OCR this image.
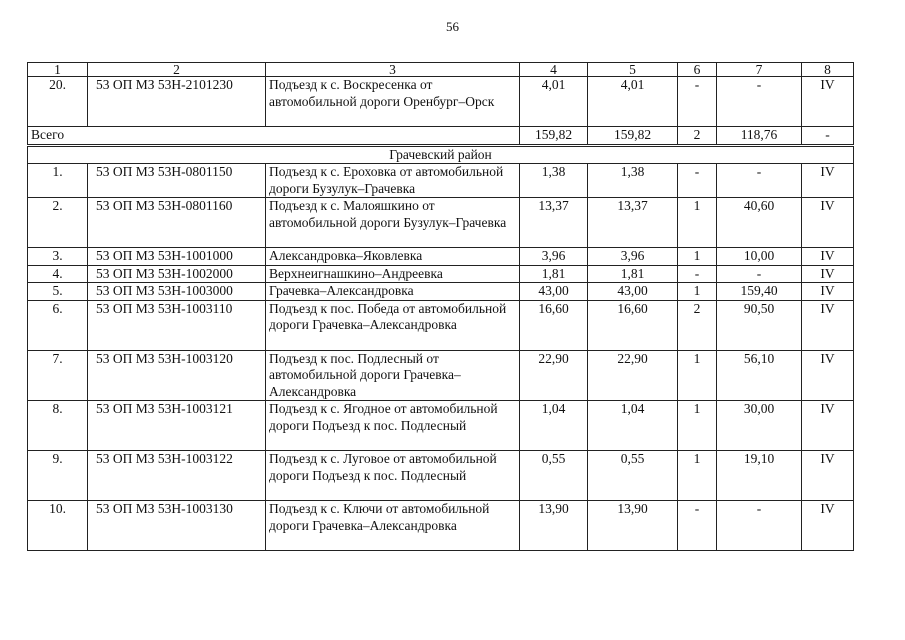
56
1	2	3	4	5	6	7	8
20.	53 ОП МЗ 53Н-2101230	Подъезд к с. Воскресенка от автомобильной дороги Оренбург–Орск	4,01	4,01	-	-	IV
Всего			159,82	159,82	2	118,76	-
Грачевский район							
1.	53 ОП МЗ 53Н-0801150	Подъезд к с. Ероховка от автомобильной дороги Бузулук–Грачевка	1,38	1,38	-	-	IV
2.	53 ОП МЗ 53Н-0801160	Подъезд к с. Малояшкино от автомобильной дороги Бузулук–Грачевка	13,37	13,37	1	40,60	IV
3.	53 ОП МЗ 53Н-1001000	Александровка–Яковлевка	3,96	3,96	1	10,00	IV
4.	53 ОП МЗ 53Н-1002000	Верхнеигнашкино–Андреевка	1,81	1,81	-	-	IV
5.	53 ОП МЗ 53Н-1003000	Грачевка–Александровка	43,00	43,00	1	159,40	IV
6.	53 ОП МЗ 53Н-1003110	Подъезд к пос. Победа от автомобильной дороги Грачевка–Александровка	16,60	16,60	2	90,50	IV
7.	53 ОП МЗ 53Н-1003120	Подъезд к пос. Подлесный от автомобильной дороги Грачевка–Александровка	22,90	22,90	1	56,10	IV
8.	53 ОП МЗ 53Н-1003121	Подъезд к с. Ягодное от автомобильной дороги Подъезд к пос. Подлесный	1,04	1,04	1	30,00	IV
9.	53 ОП МЗ 53Н-1003122	Подъезд к с. Луговое от автомобильной дороги Подъезд к пос. Подлесный	0,55	0,55	1	19,10	IV
10.	53 ОП МЗ 53Н-1003130	Подъезд к с. Ключи от автомобильной дороги Грачевка–Александровка	13,90	13,90	-	-	IV
